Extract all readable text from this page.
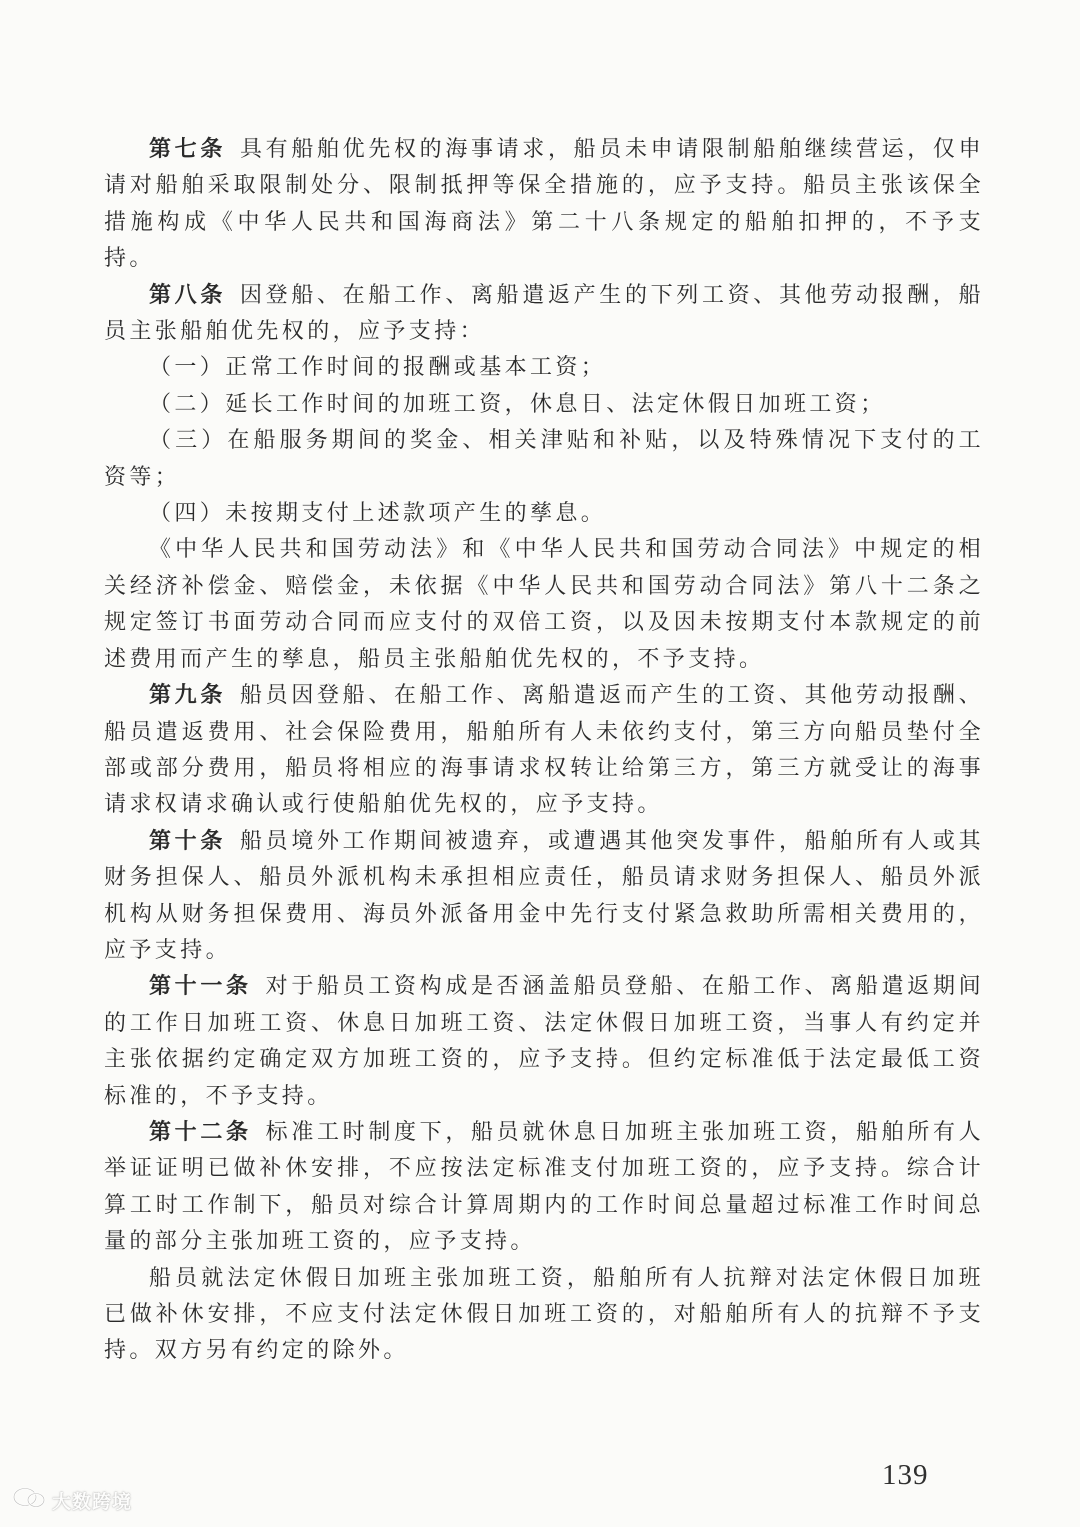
第七条 具有船舶优先权的海事请求，船员未申请限制船舶继续营运，仅申请对船舶采取限制处分、限制抵押等保全措施的，应予支持。船员主张该保全措施构成《中华人民共和国海商法》第二十八条规定的船舶扣押的，不予支持。

第八条 因登船、在船工作、离船遣返产生的下列工资、其他劳动报酬，船员主张船舶优先权的，应予支持：

（一）正常工作时间的报酬或基本工资；

（二）延长工作时间的加班工资，休息日、法定休假日加班工资；

（三）在船服务期间的奖金、相关津贴和补贴，以及特殊情况下支付的工资等；

（四）未按期支付上述款项产生的孳息。

《中华人民共和国劳动法》和《中华人民共和国劳动合同法》中规定的相关经济补偿金、赔偿金，未依据《中华人民共和国劳动合同法》第八十二条之规定签订书面劳动合同而应支付的双倍工资，以及因未按期支付本款规定的前述费用而产生的孳息，船员主张船舶优先权的，不予支持。

第九条 船员因登船、在船工作、离船遣返而产生的工资、其他劳动报酬、船员遣返费用、社会保险费用，船舶所有人未依约支付，第三方向船员垫付全部或部分费用，船员将相应的海事请求权转让给第三方，第三方就受让的海事请求权请求确认或行使船舶优先权的，应予支持。

第十条 船员境外工作期间被遗弃，或遭遇其他突发事件，船舶所有人或其财务担保人、船员外派机构未承担相应责任，船员请求财务担保人、船员外派机构从财务担保费用、海员外派备用金中先行支付紧急救助所需相关费用的，应予支持。

第十一条 对于船员工资构成是否涵盖船员登船、在船工作、离船遣返期间的工作日加班工资、休息日加班工资、法定休假日加班工资，当事人有约定并主张依据约定确定双方加班工资的，应予支持。但约定标准低于法定最低工资标准的，不予支持。

第十二条 标准工时制度下，船员就休息日加班主张加班工资，船舶所有人举证证明已做补休安排，不应按法定标准支付加班工资的，应予支持。综合计算工时工作制下，船员对综合计算周期内的工作时间总量超过标准工作时间总量的部分主张加班工资的，应予支持。

船员就法定休假日加班主张加班工资，船舶所有人抗辩对法定休假日加班已做补休安排，不应支付法定休假日加班工资的，对船舶所有人的抗辩不予支持。双方另有约定的除外。

139
大数跨境
